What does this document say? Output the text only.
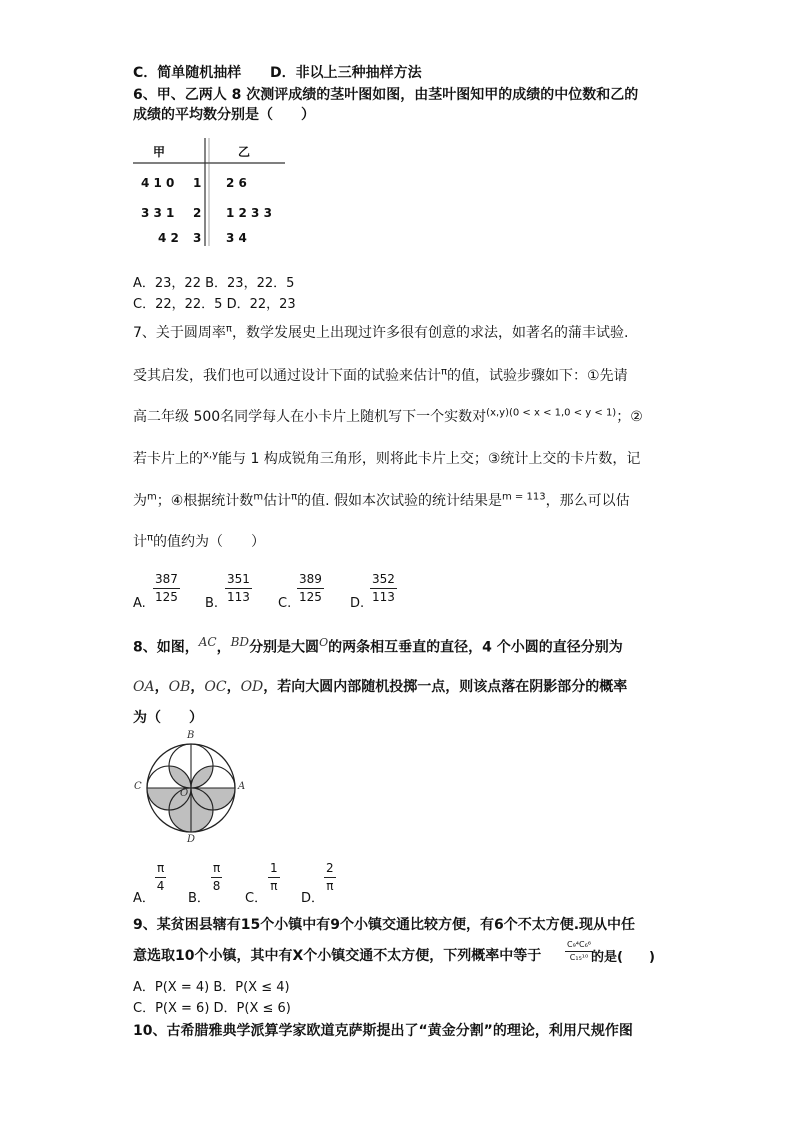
C．简单随机抽样 D．非以上三种抽样方法
6、甲、乙两人 8 次测评成绩的茎叶图如图，由茎叶图知甲的成绩的中位数和乙的
成绩的平均数分别是（　　）
甲	乙
4 1 0 1 2 6
3 3 1 2 1 2 3 3
4 2 3 3 4
A．23，22 B．23，22．5
C．22，22．5 D．22，23
7、关于圆周率$^\pi$，数学发展史上出现过许多很有创意的求法，如著名的蒲丰试验.
受其启发，我们也可以通过设计下面的试验来估计$^\pi$的值，试验步骤如下：①先请
高二年级 500名同学每人在小卡片上随机写下一个实数对$^{(x,y)(0 < x < 1,0 < y < 1)}$；②
若卡片上的$^{x,y}$能与 1 构成锐角三角形，则将此卡片上交；③统计上交的卡片数，记
为$^m$；④根据统计数$^m$估计$^\pi$的值. 假如本次试验的统计结果是$^{m = 113}$，那么可以估
计$^\pi$的值约为（　　）
A. $\frac{387}{125} B$. $\frac{351}{113} C$. $\frac{389}{125} D$. $\frac{352}{113}$
8、如图，$^{AC}$，$^{BD}$分别是大圆$^O$的两条相互垂直的直径，4 个小圆的直径分别为
OA，OB，OC，OD，若向大圆内部随机投掷一点，则该点落在阴影部分的概率
为（　　）
B
C
O
A
D
A．
$\frac{\pi}{4}$
B．
$\frac{\pi}{8}$
C．
$\frac{1}{\pi}$
D．
$\frac{2}{\pi}$
9、某贫困县辖有15个小镇中有9个小镇交通比较方便，有6个不太方便.现从中任
意选取10个小镇，其中有X个小镇交通不太方便，下列概率中等于	$\frac{\text{C₉⁴C₆⁶}}{\text{C₁₅¹⁰}}$
的是(　　)
A．P(X = 4) B．P(X ≤ 4)
C．P(X = 6) D．P(X ≤ 6)
10、古希腊雅典学派算学家欧道克萨斯提出了“黄金分割”的理论，利用尺规作图
